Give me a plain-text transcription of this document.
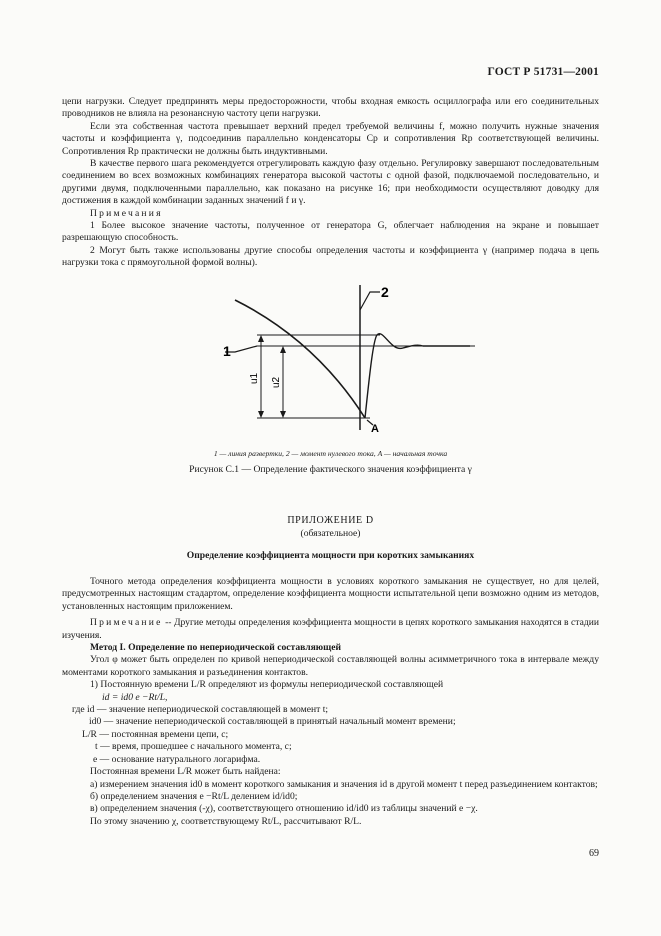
ГОСТ Р 51731—2001

цепи нагрузки. Следует предпринять меры предосторожности, чтобы входная емкость осциллографа или его соединительных проводников не влияла на резонансную частоту цепи нагрузки.

Если эта собственная частота превышает верхний предел требуемой величины f, можно получить нужные значения частоты и коэффициента γ, подсоединив параллельно конденсаторы Cp и сопротивления Rp соответствующей величины. Сопротивления Rp практически не должны быть индуктивными.

В качестве первого шага рекомендуется отрегулировать каждую фазу отдельно. Регулировку завершают последовательным соединением во всех возможных комбинациях генератора высокой частоты с одной фазой, подключаемой последовательно, и другими двумя, подключенными параллельно, как показано на рисунке 16; при необходимости осуществляют доводку для достижения в каждой комбинации заданных значений f и γ.

Примечания

1 Более высокое значение частоты, полученное от генератора G, облегчает наблюдения на экране и повышает разрешающую способность.

2 Могут быть также использованы другие способы определения частоты и коэффициента γ (например подача в цепь нагрузки тока с прямоугольной формой волны).

1
2
A
u1 u2
1 — линия развертки, 2 — момент нулевого тока, A — начальная точка
Рисунок С.1 — Определение фактического значения коэффициента γ
ПРИЛОЖЕНИЕ D
(обязательное)
Определение коэффициента мощности при коротких замыканиях

Точного метода определения коэффициента мощности в условиях короткого замыкания не существует, но для целей, предусмотренных настоящим стадартом, определение коэффициента мощности испытательной цепи возможно одним из методов, установленных настоящим приложением.

Примечание -- Другие методы определения коэффициента мощности в цепях короткого замыкания находятся в стадии изучения.

Метод I. Определение по непериодической составляющей

Угол φ может быть определен по кривой непериодической составляющей волны асимметричного тока в интервале между моментами короткого замыкания и разъединения контактов.

1) Постоянную времени L/R определяют из формулы непериодической составляющей

id = id0 e −Rt/L,

где id — значение непериодической составляющей в момент t;

id0 — значение непериодической составляющей в принятый начальный момент времени;

L/R — постоянная времени цепи, с;

t — время, прошедшее с начального момента, с;

e — основание натурального логарифма.

Постоянная времени L/R может быть найдена:

а) измерением значения id0 в момент короткого замыкания и значения id в другой момент t перед разъединением контактов;

б) определением значения e −Rt/L делением id/id0;

в) определением значения (-χ), соответствующего отношению id/id0 из таблицы значений e −χ.

По этому значению χ, соответствующему Rt/L, рассчитывают R/L.

69
